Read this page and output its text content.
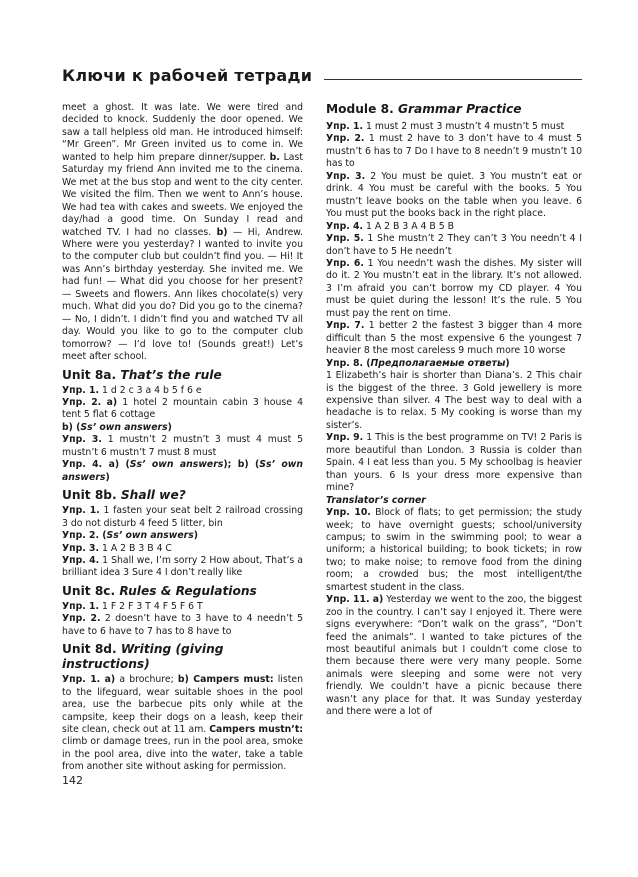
Ключи к рабочей тетради

meet a ghost. It was late. We were tired and decided to knock. Suddenly the door opened. We saw a tall helpless old man. He introduced himself: “Mr Green”. Mr Green invited us to come in. We wanted to help him prepare dinner/supper. b. Last Saturday my friend Ann invited me to the cinema. We met at the bus stop and went to the city center. We visited the film. Then we went to Ann’s house. We had tea with cakes and sweets. We enjoyed the day/had a good time. On Sunday I read and watched TV. I had no classes. b) — Hi, Andrew. Where were you yesterday? I wanted to invite you to the computer club but couldn’t find you. — Hi! It was Ann’s birthday yesterday. She invited me. We had fun! — What did you choose for her present? — Sweets and flowers. Ann likes chocolate(s) very much. What did you do? Did you go to the cinema? — No, I didn’t. I didn’t find you and watched TV all day. Would you like to go to the computer club tomorrow? — I’d love to! (Sounds great!) Let’s meet after school.

Unit 8a. That’s the rule

Упр. 1. 1 d 2 c 3 a 4 b 5 f 6 e

Упр. 2. a) 1 hotel 2 mountain cabin 3 house 4 tent 5 flat 6 cottage

b) (Ss’ own answers)

Упр. 3. 1 mustn’t 2 mustn’t 3 must 4 must 5 mustn’t 6 mustn’t 7 must 8 must

Упр. 4. a) (Ss’ own answers); b) (Ss’ own answers)

Unit 8b. Shall we?

Упр. 1. 1 fasten your seat belt 2 railroad crossing 3 do not disturb 4 feed 5 litter, bin

Упр. 2. (Ss’ own answers)

Упр. 3. 1 A 2 B 3 B 4 C

Упр. 4. 1 Shall we, I’m sorry 2 How about, That’s a brilliant idea 3 Sure 4 I don’t really like

Unit 8c. Rules & Regulations

Упр. 1. 1 F 2 F 3 T 4 F 5 F 6 T

Упр. 2. 2 doesn’t have to 3 have to 4 needn’t 5 have to 6 have to 7 has to 8 have to

Unit 8d. Writing (giving instructions)

Упр. 1. a) a brochure; b) Campers must: listen to the lifeguard, wear suitable shoes in the pool area, use the barbecue pits only while at the campsite, keep their dogs on a leash, keep their site clean, check out at 11 am. Campers mustn’t: climb or damage trees, run in the pool area, smoke in the pool area, dive into the water, take a table from another site without asking for permission.

Module 8. Grammar Practice

Упр. 1. 1 must 2 must 3 mustn’t 4 mustn’t 5 must

Упр. 2. 1 must 2 have to 3 don’t have to 4 must 5 mustn’t 6 has to 7 Do I have to 8 needn’t 9 mustn’t 10 has to

Упр. 3. 2 You must be quiet. 3 You mustn’t eat or drink. 4 You must be careful with the books. 5 You mustn’t leave books on the table when you leave. 6 You must put the books back in the right place.

Упр. 4. 1 A 2 B 3 A 4 B 5 B

Упр. 5. 1 She mustn’t 2 They can’t 3 You needn’t 4 I don’t have to 5 He needn’t

Упр. 6. 1 You needn’t wash the dishes. My sister will do it. 2 You mustn’t eat in the library. It’s not allowed. 3 I’m afraid you can’t borrow my CD player. 4 You must be quiet during the lesson! It’s the rule. 5 You must pay the rent on time.

Упр. 7. 1 better 2 the fastest 3 bigger than 4 more difficult than 5 the most expensive 6 the youngest 7 heavier 8 the most careless 9 much more 10 worse

Упр. 8. (Предполагаемые ответы)

1 Elizabeth’s hair is shorter than Diana’s. 2 This chair is the biggest of the three. 3 Gold jewellery is more expensive than silver. 4 The best way to deal with a headache is to relax. 5 My cooking is worse than my sister’s.

Упр. 9. 1 This is the best programme on TV! 2 Paris is more beautiful than London. 3 Russia is colder than Spain. 4 I eat less than you. 5 My schoolbag is heavier than yours. 6 Is your dress more expensive than mine?

Translator’s corner

Упр. 10. Block of flats; to get permission; the study week; to have overnight guests; school/university campus; to swim in the swimming pool; to wear a uniform; a historical building; to book tickets; in row two; to make noise; to remove food from the dining room; a crowded bus; the most intelligent/the smartest student in the class.

Упр. 11. a) Yesterday we went to the zoo, the biggest zoo in the country. I can’t say I enjoyed it. There were signs everywhere: “Don’t walk on the grass”, “Don’t feed the animals”. I wanted to take pictures of the most beautiful animals but I couldn’t come close to them because there were very many people. Some animals were sleeping and some were not very friendly. We couldn’t have a picnic because there wasn’t any place for that. It was Sunday yesterday and there were a lot of

142
